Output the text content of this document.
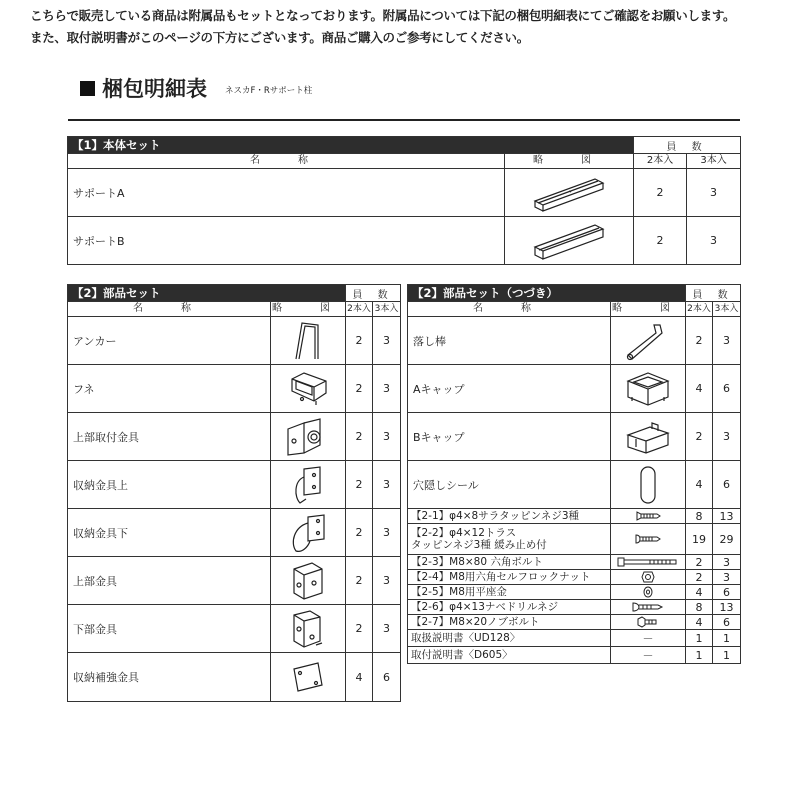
こちらで販売している商品は附属品もセットとなっております。附属品については下記の梱包明細表にてご確認をお願いします。
また、取付説明書がこのページの下方にございます。商品ご購入のご参考にしてください。
梱包明細表 ネスカF・Rサポート柱
【1】本体セット		員 数	
名　称	略　図	2本入	3本入
サポートA		2	3
サポートB		2	3
【2】部品セット		員 数	
名　称	略　図	2本入	3本入
アンカー		2	3
フネ		2	3
上部取付金具		2	3
収納金具上		2	3
収納金具下		2	3
上部金具		2	3
下部金具		2	3
収納補強金具		4	6
【2】部品セット（つづき）		員 数	
名　称	略　図	2本入	3本入
落し棒		2	3
Aキャップ		4	6
Bキャップ		2	3
穴隠しシール		4	6
【2-1】φ4×8サラタッピンネジ3種		8	13

【2-2】φ4×12トラス
タッピンネジ3種 緩み止め付		19	29
【2-3】M8×80 六角ボルト		2	3
【2-4】M8用六角セルフロックナット		2	3
【2-5】M8用平座金		4	6
【2-6】φ4×13ナベドリルネジ		8	13
【2-7】M8×20ノブボルト		4	6
取扱説明書〈UD128〉	－	1	1
取付説明書〈D605〉	－	1	1
